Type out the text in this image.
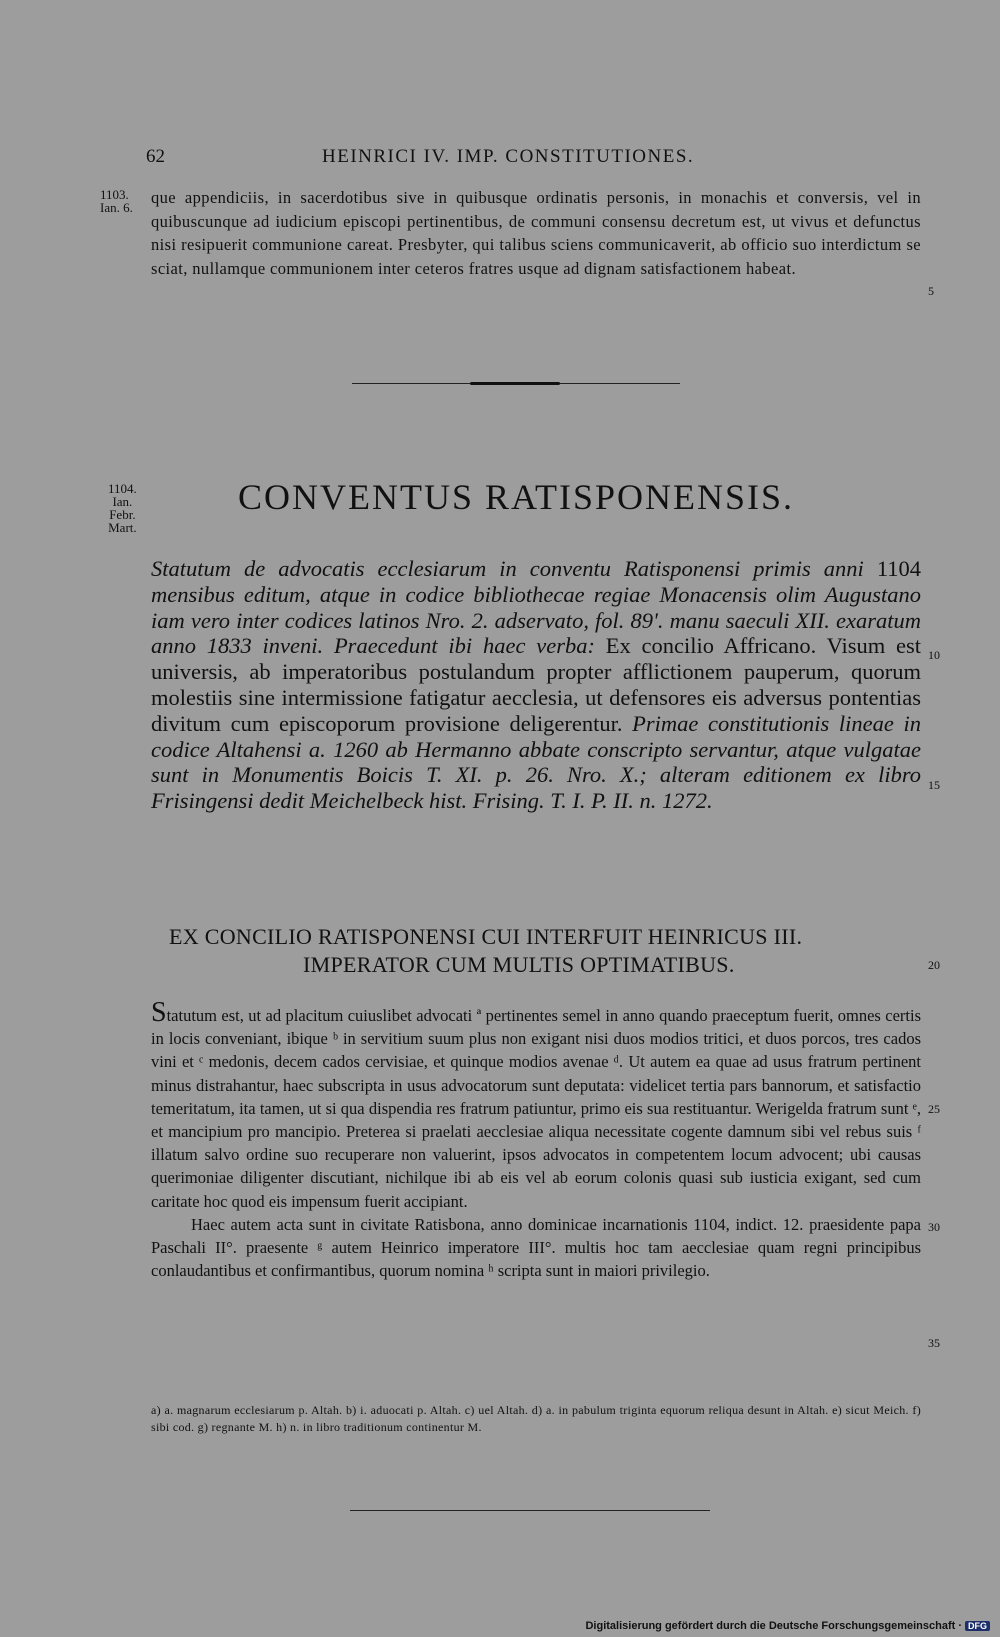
62	HEINRICI IV. IMP. CONSTITUTIONES.
1103. Ian. 6.
que appendiciis, in sacerdotibus sive in quibusque ordinatis personis, in monachis et conversis, vel in quibuscunque ad iudicium episcopi pertinentibus, de communi consensu decretum est, ut vivus et defunctus nisi resipuerit communione careat. Presbyter, qui talibus sciens communicaverit, ab officio suo interdictum se sciat, nullamque communionem inter ceteros fratres usque ad dignam satisfactionem habeat.
5
1104.
Ian.
Febr.
Mart.
CONVENTUS RATISPONENSIS.
Statutum de advocatis ecclesiarum in conventu Ratisponensi primis anni 1104 mensibus editum, atque in codice bibliothecae regiae Monacensis olim Augustano iam vero inter codices latinos Nro. 2. adservato, fol. 89'. manu saeculi XII. exaratum anno 1833 inveni. Praecedunt ibi haec verba: Ex concilio Affricano. Visum est universis, ab imperatoribus postulandum propter afflictionem pauperum, quorum molestiis sine intermissione fatigatur aecclesia, ut defensores eis adversus pontentias divitum cum episcoporum provisione deligerentur. Primae constitutionis lineae in codice Altahensi a. 1260 ab Hermanno abbate conscripto servantur, atque vulgatae sunt in Monumentis Boicis T. XI. p. 26. Nro. X.; alteram editionem ex libro Frisingensi dedit Meichelbeck hist. Frising. T. I. P. II. n. 1272.
10
15
EX CONCILIO RATISPONENSI CUI INTERFUIT HEINRICUS III.
IMPERATOR CUM MULTIS OPTIMATIBUS.	20

Statutum est, ut ad placitum cuiuslibet advocati ª pertinentes semel in anno quando praeceptum fuerit, omnes certis in locis conveniant, ibique ᵇ in servitium suum plus non exigant nisi duos modios tritici, et duos porcos, tres cados vini et ᶜ medonis, decem cados cervisiae, et quinque modios avenae ᵈ. Ut autem ea quae ad usus fratrum pertinent minus distrahantur, haec subscripta in usus advocatorum sunt deputata: videlicet tertia pars bannorum, et satisfactio temeritatum, ita tamen, ut si qua dispendia res fratrum patiuntur, primo eis sua restituantur. Werigelda fratrum sunt ᵉ, et mancipium pro mancipio. Preterea si praelati aecclesiae aliqua necessitate cogente damnum sibi vel rebus suis ᶠ illatum salvo ordine suo recuperare non valuerint, ipsos advocatos in competentem locum advocent; ubi causas querimoniae diligenter discutiant, nichilque ibi ab eis vel ab eorum colonis quasi sub iusticia exigant, sed cum caritate hoc quod eis impensum fuerit accipiant.

Haec autem acta sunt in civitate Ratisbona, anno dominicae incarnationis 1104, indict. 12. praesidente papa Paschali II°. praesente ᵍ autem Heinrico imperatore III°. multis hoc tam aecclesiae quam regni principibus conlaudantibus et confirmantibus, quorum nomina ʰ scripta sunt in maiori privilegio.

25
30
35
a) a. magnarum ecclesiarum p. Altah. b) i. aduocati p. Altah. c) uel Altah. d) a. in pabulum triginta equorum reliqua desunt in Altah. e) sicut Meich. f) sibi cod. g) regnante M. h) n. in libro traditionum continentur M.
Digitalisierung gefördert durch die Deutsche Forschungsgemeinschaft · DFG
